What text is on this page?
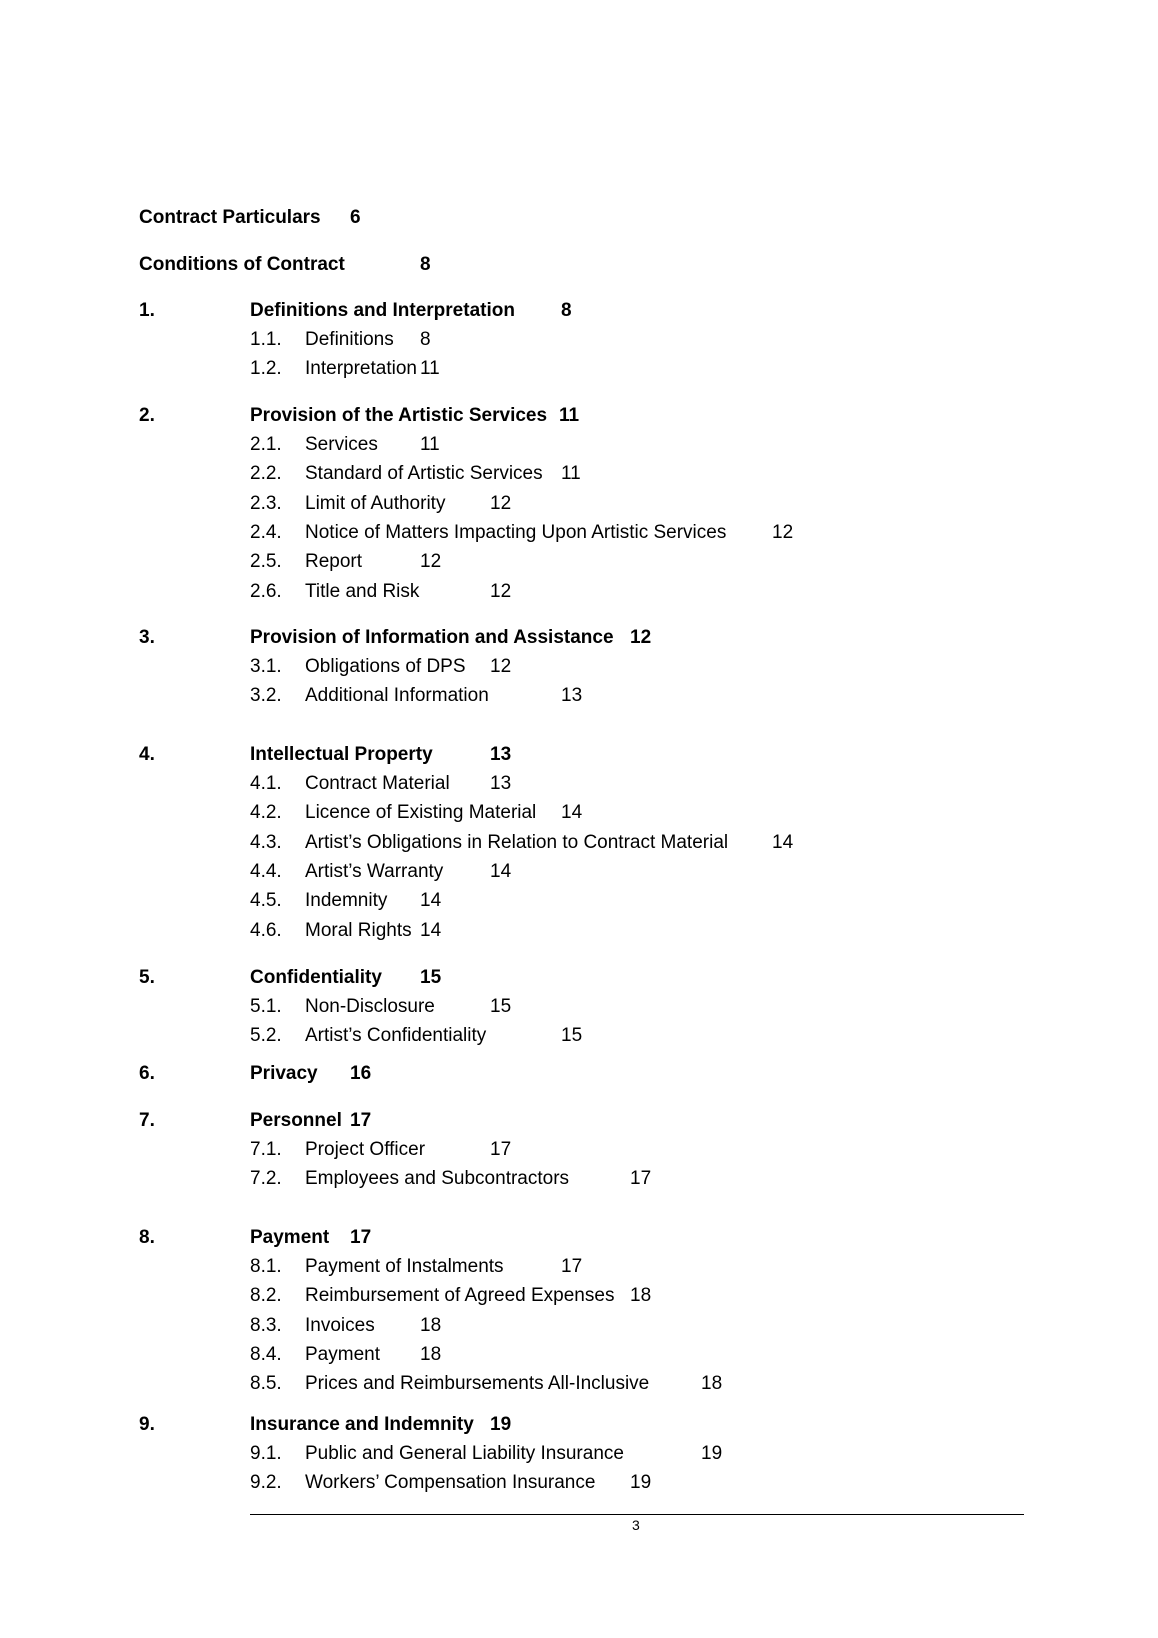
Contract Particulars 6
Conditions of Contract	8
1.	Definitions and Interpretation 8
1.1. Definitions 8
1.2. Interpretation 11
2.	Provision of the Artistic Services 11
2.1. Services 11
2.2. Standard of Artistic Services 11
2.3. Limit of Authority 12
2.4. Notice of Matters Impacting Upon Artistic Services 12
2.5. Report	12
2.6. Title and Risk	12
3.	Provision of Information and Assistance 12
3.1. Obligations of DPS 12
3.2. Additional Information	13
4.	Intellectual Property	13
4.1. Contract Material 13
4.2. Licence of Existing Material 14
4.3. Artist’s Obligations in Relation to Contract Material 14
4.4. Artist’s Warranty 14
4.5. Indemnity 14
4.6. Moral Rights 14
5.	Confidentiality 15
5.1. Non-Disclosure	15
5.2. Artist’s Confidentiality	15
6.	Privacy 16
7.	Personnel 17
7.1. Project Officer	17
7.2. Employees and Subcontractors	17
8.	Payment 17
8.1. Payment of Instalments	17
8.2. Reimbursement of Agreed Expenses 18
8.3. Invoices 18
8.4. Payment 18
8.5. Prices and Reimbursements All-Inclusive	18
9.	Insurance and Indemnity 19
9.1. Public and General Liability Insurance	19
9.2. Workers’ Compensation Insurance 19
3
